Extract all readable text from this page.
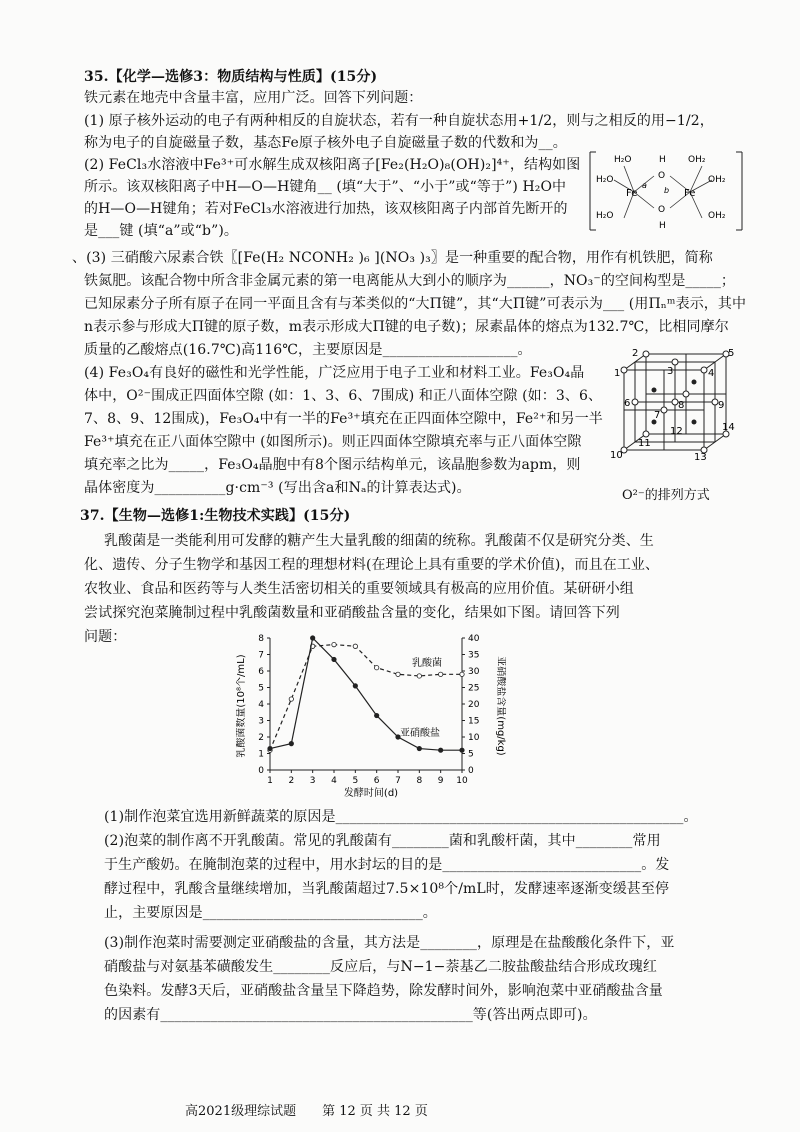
35.【化学—选修3：物质结构与性质】(15分)
铁元素在地壳中含量丰富，应用广泛。回答下列问题：
(1) 原子核外运动的电子有两种相反的自旋状态，若有一种自旋状态用+1/2，则与之相反的用−1/2，
称为电子的自旋磁量子数，基态Fe原子核外电子自旋磁量子数的代数和为__。
(2) FeCl₃水溶液中Fe³⁺可水解生成双核阳离子[Fe₂(H₂O)₈(OH)₂]⁴⁺，结构如图
所示。该双核阳离子中H—O—H键角__ (填“大于”、“小于”或“等于”) H₂O中
的H—O—H键角；若对FeCl₃水溶液进行加热，该双核阳离子内部首先断开的
是___键 (填“a”或“b”)。
H₂O	OH₂
H₂O	OH₂
H₂O	OH₂
Fe	Fe
H
O
O
H
a
b
、(3) 三硝酸六尿素合铁〖[Fe(H₂ NCONH₂ )₆ ](NO₃ )₃〗是一种重要的配合物，用作有机铁肥，简称
铁氮肥。该配合物中所含非金属元素的第一电离能从大到小的顺序为______，NO₃⁻的空间构型是_____；
已知尿素分子所有原子在同一平面且含有与苯类似的“大Π键”，其“大Π键”可表示为___ (用Πₙᵐ表示，其中
n表示参与形成大Π键的原子数，m表示形成大Π键的电子数)；尿素晶体的熔点为132.7℃，比相同摩尔
质量的乙酸熔点(16.7℃)高116℃，主要原因是___________________。
(4) Fe₃O₄有良好的磁性和光学性能，广泛应用于电子工业和材料工业。Fe₃O₄晶
体中，O²⁻围成正四面体空隙 (如：1、3、6、7围成) 和正八面体空隙 (如：3、6、
7、8、9、12围成)，Fe₃O₄中有一半的Fe³⁺填充在正四面体空隙中，Fe²⁺和另一半
Fe³⁺填充在正八面体空隙中 (如图所示)。则正四面体空隙填充率与正八面体空隙
填充率之比为_____，Fe₃O₄晶胞中有8个图示结构单元，该晶胞参数为apm，则
晶体密度为__________g·cm⁻³ (写出含a和Nₐ的计算表达式)。
2	5
1	3	4
6
7
8	9
10
11
12
13
14
O²⁻的排列方式
37.【生物—选修1:生物技术实践】(15分)
乳酸菌是一类能利用可发酵的糖产生大量乳酸的细菌的统称。乳酸菌不仅是研究分类、生
化、遗传、分子生物学和基因工程的理想材料(在理论上具有重要的学术价值)，而且在工业、
农牧业、食品和医药等与人类生活密切相关的重要领域具有极高的应用价值。某研研小组
尝试探究泡菜腌制过程中乳酸菌数量和亚硝酸盐含量的变化，结果如下图。请回答下列
问题：
1 2 3 4 5 6 7 8 9 10
0
1
2
3
4
5
6
7
8
0
5
10
15
20
25
30
35
40
乳酸菌数量(10⁸个/mL)	亚硝酸盐含量(mg/kg)
发酵时间(d)
乳酸菌
亚硝酸盐
(1)制作泡菜宜选用新鲜蔬菜的原因是_________________________________________________。
(2)泡菜的制作离不开乳酸菌。常见的乳酸菌有________菌和乳酸杆菌，其中________常用
于生产酸奶。在腌制泡菜的过程中，用水封坛的目的是____________________________。发
酵过程中，乳酸含量继续增加，当乳酸菌超过7.5×10⁸个/mL时，发酵速率逐渐变缓甚至停
止，主要原因是_______________________________。
(3)制作泡菜时需要测定亚硝酸盐的含量，其方法是________，原理是在盐酸酸化条件下，亚
硝酸盐与对氨基苯磺酸发生________反应后，与N−1−萘基乙二胺盐酸盐结合形成玫瑰红
色染料。发酵3天后，亚硝酸盐含量呈下降趋势，除发酵时间外，影响泡菜中亚硝酸盐含量
的因素有____________________________________________等(答出两点即可)。
高2021级理综试题　　第 12 页 共 12 页
